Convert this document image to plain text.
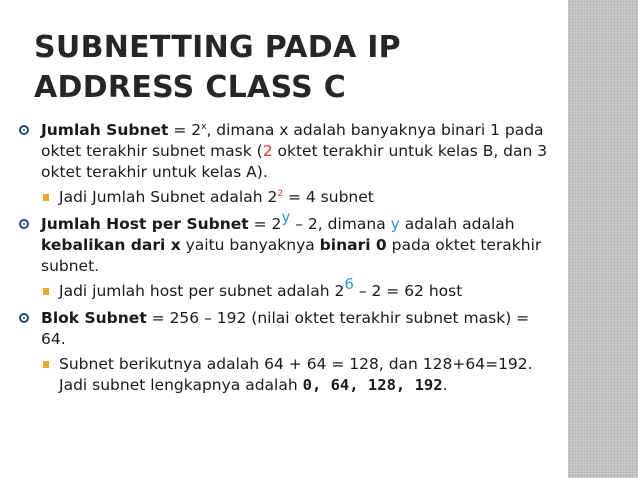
SUBNETTING PADA IP ADDRESS CLASS C
Jumlah Subnet = $2^x$, dimana x adalah banyaknya binari 1 pada oktet terakhir subnet mask (2 oktet terakhir untuk kelas B, dan 3 oktet terakhir untuk kelas A).
Jadi Jumlah Subnet adalah $2^2 = 4$ subnet
Jumlah Host per Subnet = 2y – 2, dimana y adalah adalah kebalikan dari x yaitu banyaknya binari 0 pada oktet terakhir subnet.
Jadi jumlah host per subnet adalah 26 – 2 = 62 host
Blok Subnet = 256 – 192 (nilai oktet terakhir subnet mask) = 64.
Subnet berikutnya adalah 64 + 64 = 128, dan 128+64=192. Jadi subnet lengkapnya adalah 0, 64, 128, 192.
